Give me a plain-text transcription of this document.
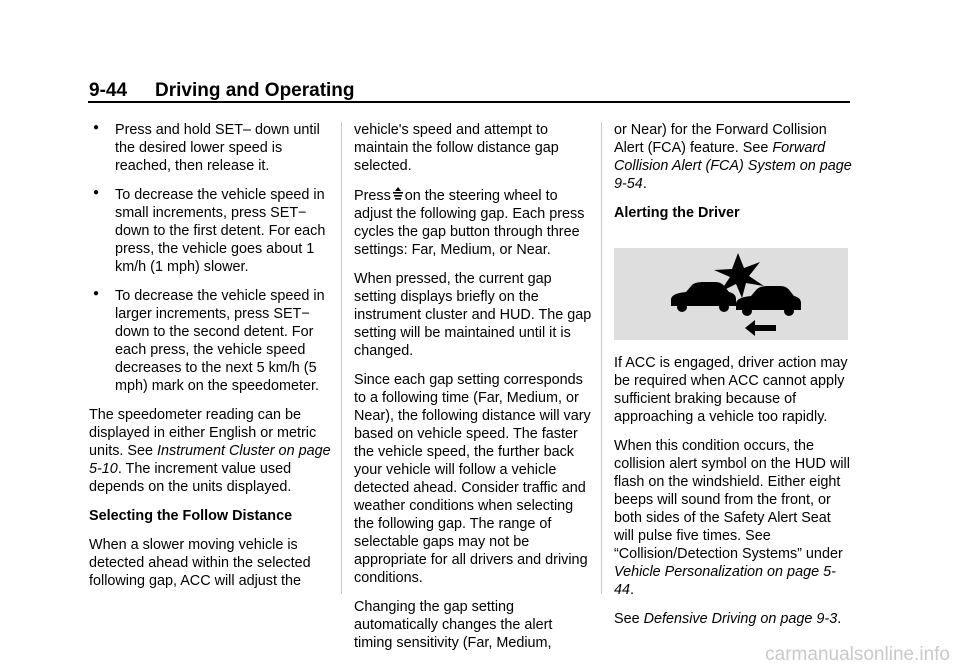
9-44 Driving and Operating
● Press and hold SET– down until the desired lower speed is reached, then release it.
● To decrease the vehicle speed in small increments, press SET− down to the first detent. For each press, the vehicle goes about 1 km/h (1 mph) slower.
● To decrease the vehicle speed in larger increments, press SET− down to the second detent. For each press, the vehicle speed decreases to the next 5 km/h (5 mph) mark on the speedometer.

The speedometer reading can be displayed in either English or metric units. See Instrument Cluster on page 5-10. The increment value used depends on the units displayed.

Selecting the Follow Distance

When a slower moving vehicle is detected ahead within the selected following gap, ACC will adjust the

vehicle's speed and attempt to maintain the follow distance gap selected.

Press on the steering wheel to adjust the following gap. Each press cycles the gap button through three settings: Far, Medium, or Near.

When pressed, the current gap setting displays briefly on the instrument cluster and HUD. The gap setting will be maintained until it is changed.

Since each gap setting corresponds to a following time (Far, Medium, or Near), the following distance will vary based on vehicle speed. The faster the vehicle speed, the further back your vehicle will follow a vehicle detected ahead. Consider traffic and weather conditions when selecting the following gap. The range of selectable gaps may not be appropriate for all drivers and driving conditions.

Changing the gap setting automatically changes the alert timing sensitivity (Far, Medium,

or Near) for the Forward Collision Alert (FCA) feature. See Forward Collision Alert (FCA) System on page 9-54.

Alerting the Driver

If ACC is engaged, driver action may be required when ACC cannot apply sufficient braking because of approaching a vehicle too rapidly.

When this condition occurs, the collision alert symbol on the HUD will flash on the windshield. Either eight beeps will sound from the front, or both sides of the Safety Alert Seat will pulse five times. See “Collision/Detection Systems” under Vehicle Personalization on page 5-44.

See Defensive Driving on page 9-3.

carmanualsonline.info
